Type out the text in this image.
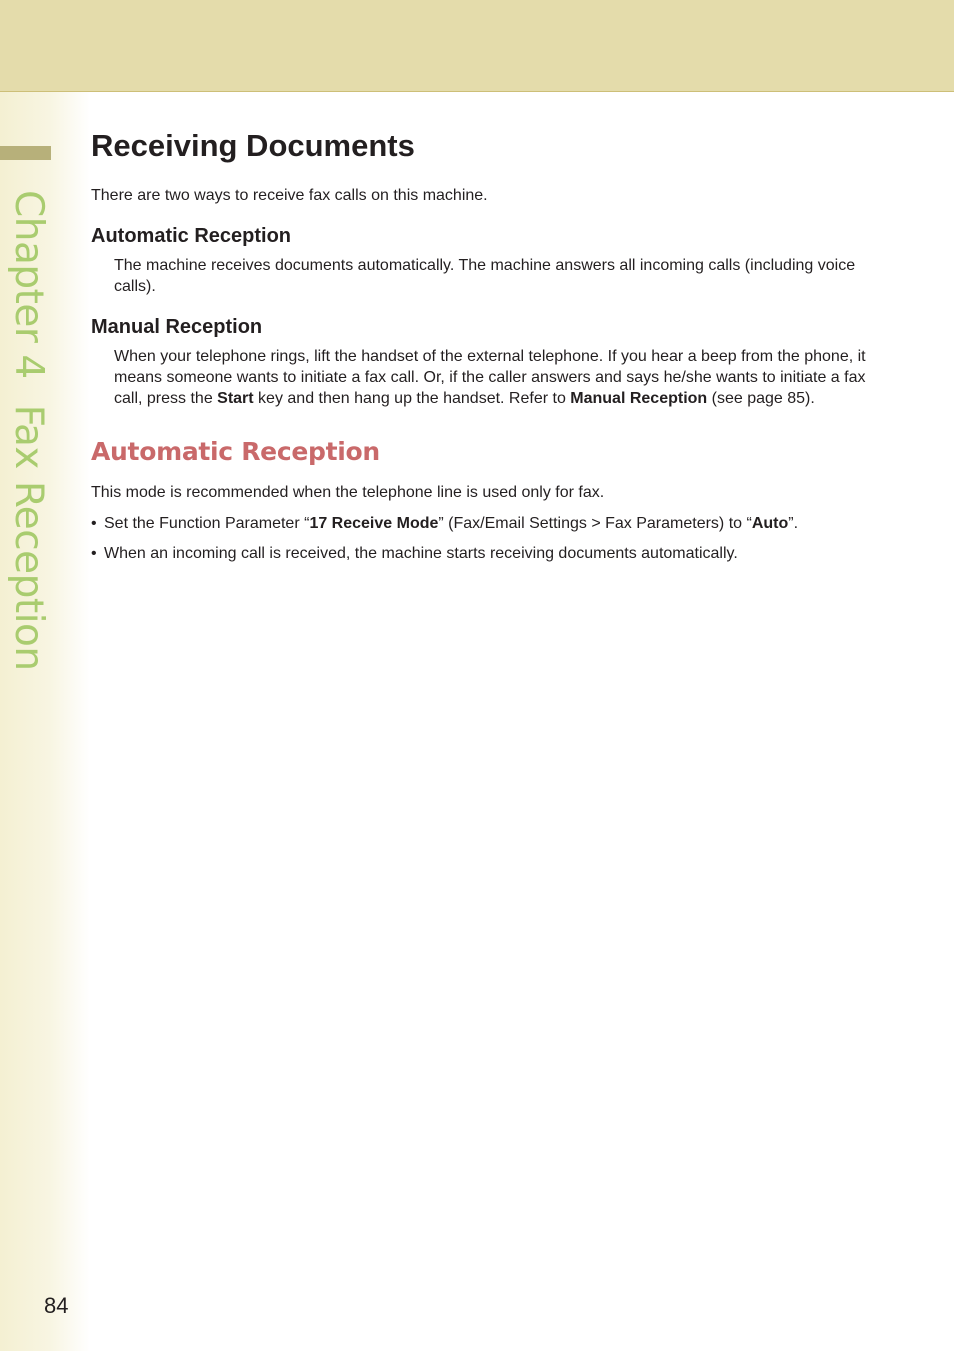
Chapter 4Fax Reception
84
Receiving Documents

There are two ways to receive fax calls on this machine.

Automatic Reception

The machine receives documents automatically. The machine answers all incoming calls (including voice calls).

Manual Reception

When your telephone rings, lift the handset of the external telephone. If you hear a beep from the phone, it means someone wants to initiate a fax call. Or, if the caller answers and says he/she wants to initiate a fax call, press the Start key and then hang up the handset. Refer to Manual Reception (see page 85).

Automatic Reception

This mode is recommended when the telephone line is used only for fax.

• Set the Function Parameter “17 Receive Mode” (Fax/Email Settings > Fax Parameters) to “Auto”.
• When an incoming call is received, the machine starts receiving documents automatically.
